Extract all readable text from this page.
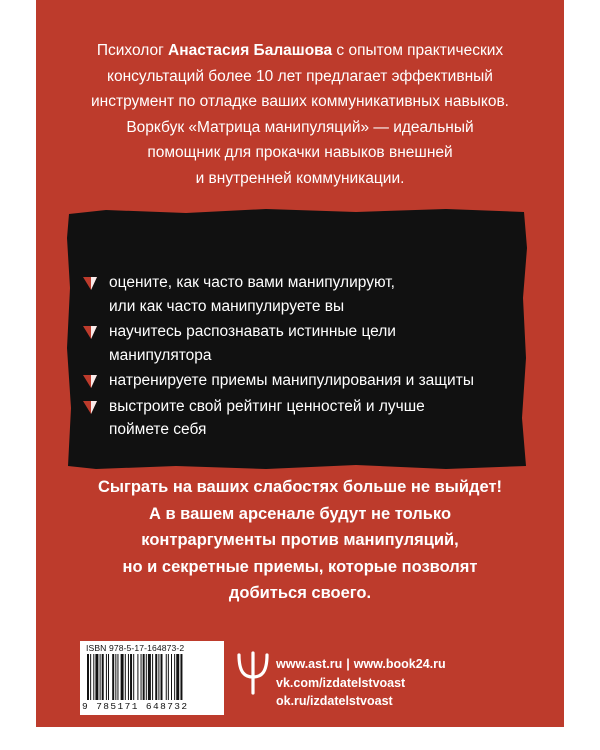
Психолог Анастасия Балашова с опытом практических

консультаций более 10 лет предлагает эффективный

инструмент по отладке ваших коммуникативных навыков.

Воркбук «Матрица манипуляций» — идеальный

помощник для прокачки навыков внешней

и внутренней коммуникации.

оцените, как часто вами манипулируют,
или как часто манипулируете вы
научитесь распознавать истинные цели
манипулятора
натренируете приемы манипулирования и защиты
выстроите свой рейтинг ценностей и лучше
поймете себя

Сыграть на ваших слабостях больше не выйдет!

А в вашем арсенале будут не только

контраргументы против манипуляций,

но и секретные приемы, которые позволят

добиться своего.

ISBN 978-5-17-164873-2
9 785171 648732
www.ast.ru | www.book24.ru
vk.com/izdatelstvoast
ok.ru/izdatelstvoast
